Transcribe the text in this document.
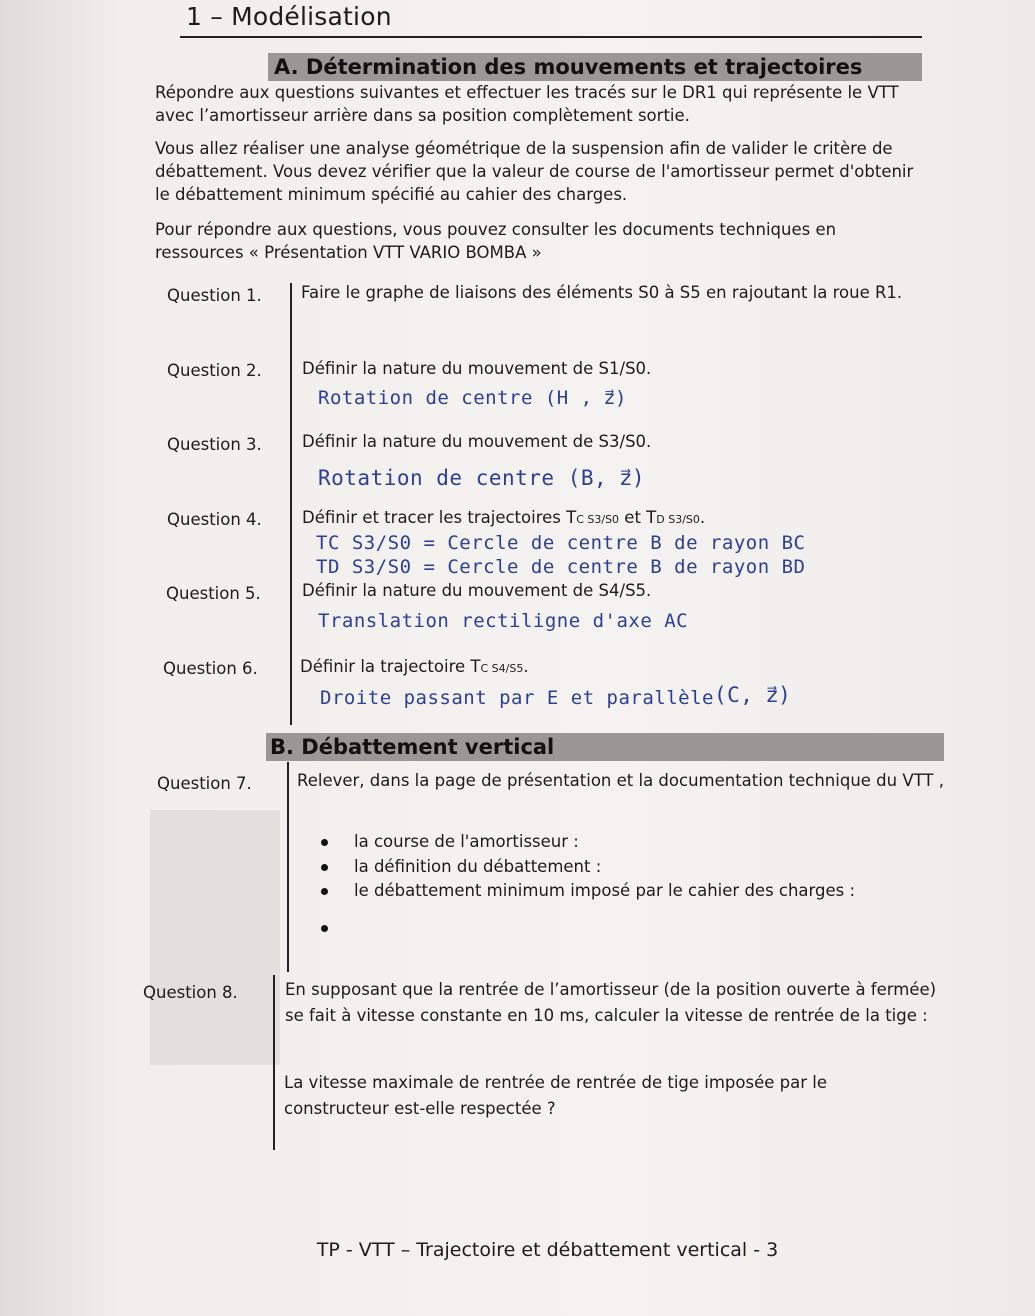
1 – Modélisation
A. Détermination des mouvements et trajectoires
Répondre aux questions suivantes et effectuer les tracés sur le DR1 qui représente le VTT avec l’amortisseur arrière dans sa position complètement sortie.
Vous allez réaliser une analyse géométrique de la suspension afin de valider le critère de débattement. Vous devez vérifier que la valeur de course de l'amortisseur permet d'obtenir le débattement minimum spécifié au cahier des charges.
Pour répondre aux questions, vous pouvez consulter les documents techniques en ressources « Présentation VTT VARIO BOMBA »
Question 1. Faire le graphe de liaisons des éléments S0 à S5 en rajoutant la roue R1.
Question 2. Définir la nature du mouvement de S1/S0.
Rotation de centre (H , z⃗)
Question 3. Définir la nature du mouvement de S3/S0.
Rotation de centre (B, z⃗)
Question 4. Définir et tracer les trajectoires TC S3/S0 et TD S3/S0.
TC S3/S0 = Cercle de centre B de rayon BC
TD S3/S0 = Cercle de centre B de rayon BD
Question 5. Définir la nature du mouvement de S4/S5.
Translation rectiligne d'axe AC
Question 6.	Définir la trajectoire TC S4/S5.
Droite passant par E et parallèle (C, z⃗)
B. Débattement vertical
Question 7.	Relever, dans la page de présentation et la documentation technique du VTT ,
la course de l'amortisseur :
la définition du débattement :
le débattement minimum imposé par le cahier des charges :
Question 8.	En supposant que la rentrée de l’amortisseur (de la position ouverte à fermée) se fait à vitesse constante en 10 ms, calculer la vitesse de rentrée de la tige :
La vitesse maximale de rentrée de rentrée de tige imposée par le constructeur est-elle respectée ?
TP - VTT – Trajectoire et débattement vertical - 3
